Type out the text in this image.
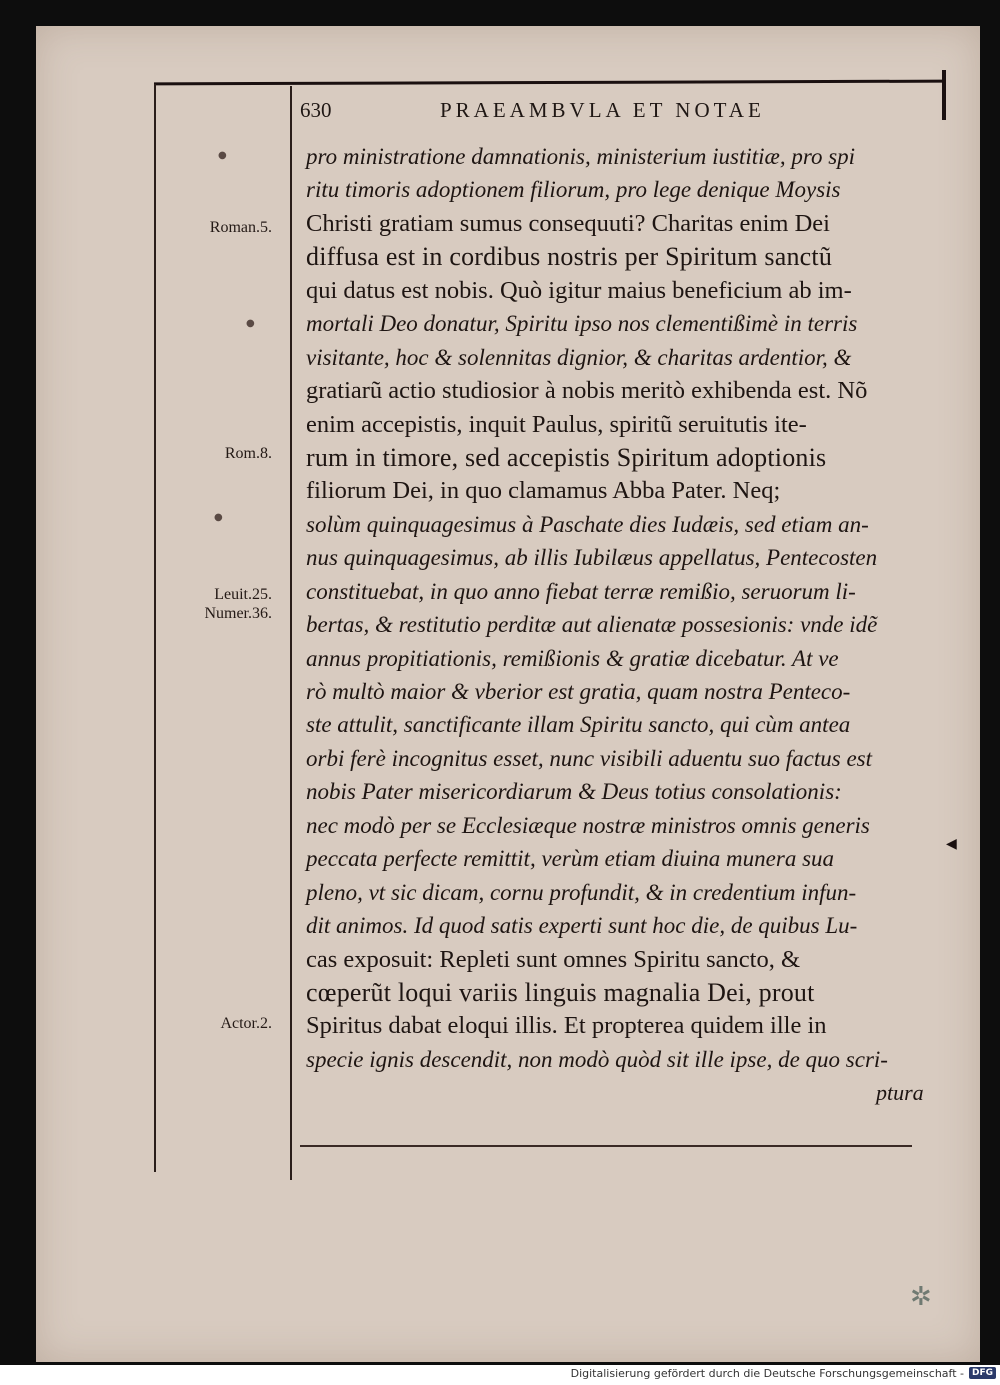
630	PRAEAMBVLA ET NOTAE
●
●
●
Roman.5.
Rom.8.
Leuit.25.
Numer.36.
Actor.2.
pro ministratione damnationis, ministerium iustitiæ, pro spi
ritu timoris adoptionem filiorum, pro lege denique Moysis
Christi gratiam sumus consequuti? Charitas enim Dei
diffusa est in cordibus nostris per Spiritum sanctũ
qui datus est nobis. Quò igitur maius beneficium ab im-
mortali Deo donatur, Spiritu ipso nos clementißimè in terris
visitante, hoc & solennitas dignior, & charitas ardentior, &
gratiarũ actio studiosior à nobis meritò exhibenda est. Nõ
enim accepistis, inquit Paulus, spiritũ seruitutis ite-
rum in timore, sed accepistis Spiritum adoptionis
filiorum Dei, in quo clamamus Abba Pater. Neq;
solùm quinquagesimus à Paschate dies Iudæis, sed etiam an-
nus quinquagesimus, ab illis Iubilæus appellatus, Pentecosten
constituebat, in quo anno fiebat terræ remißio, seruorum li-
bertas, & restitutio perditæ aut alienatæ possesionis: vnde idẽ
annus propitiationis, remißionis & gratiæ dicebatur. At ve
rò multò maior & vberior est gratia, quam nostra Penteco-
ste attulit, sanctificante illam Spiritu sancto, qui cùm antea
orbi ferè incognitus esset, nunc visibili aduentu suo factus est
nobis Pater misericordiarum & Deus totius consolationis:
nec modò per se Ecclesiæque nostræ ministros omnis generis
peccata perfecte remittit, verùm etiam diuina munera sua
pleno, vt sic dicam, cornu profundit, & in credentium infun-
dit animos. Id quod satis experti sunt hoc die, de quibus Lu-
cas exposuit: Repleti sunt omnes Spiritu sancto, &
cœperũt loqui variis linguis magnalia Dei, prout
Spiritus dabat eloqui illis. Et propterea quidem ille in
specie ignis descendit, non modò quòd sit ille ipse, de quo scri-
ptura
◀
✲
Digitalisierung gefördert durch die Deutsche Forschungsgemeinschaft - DFG
